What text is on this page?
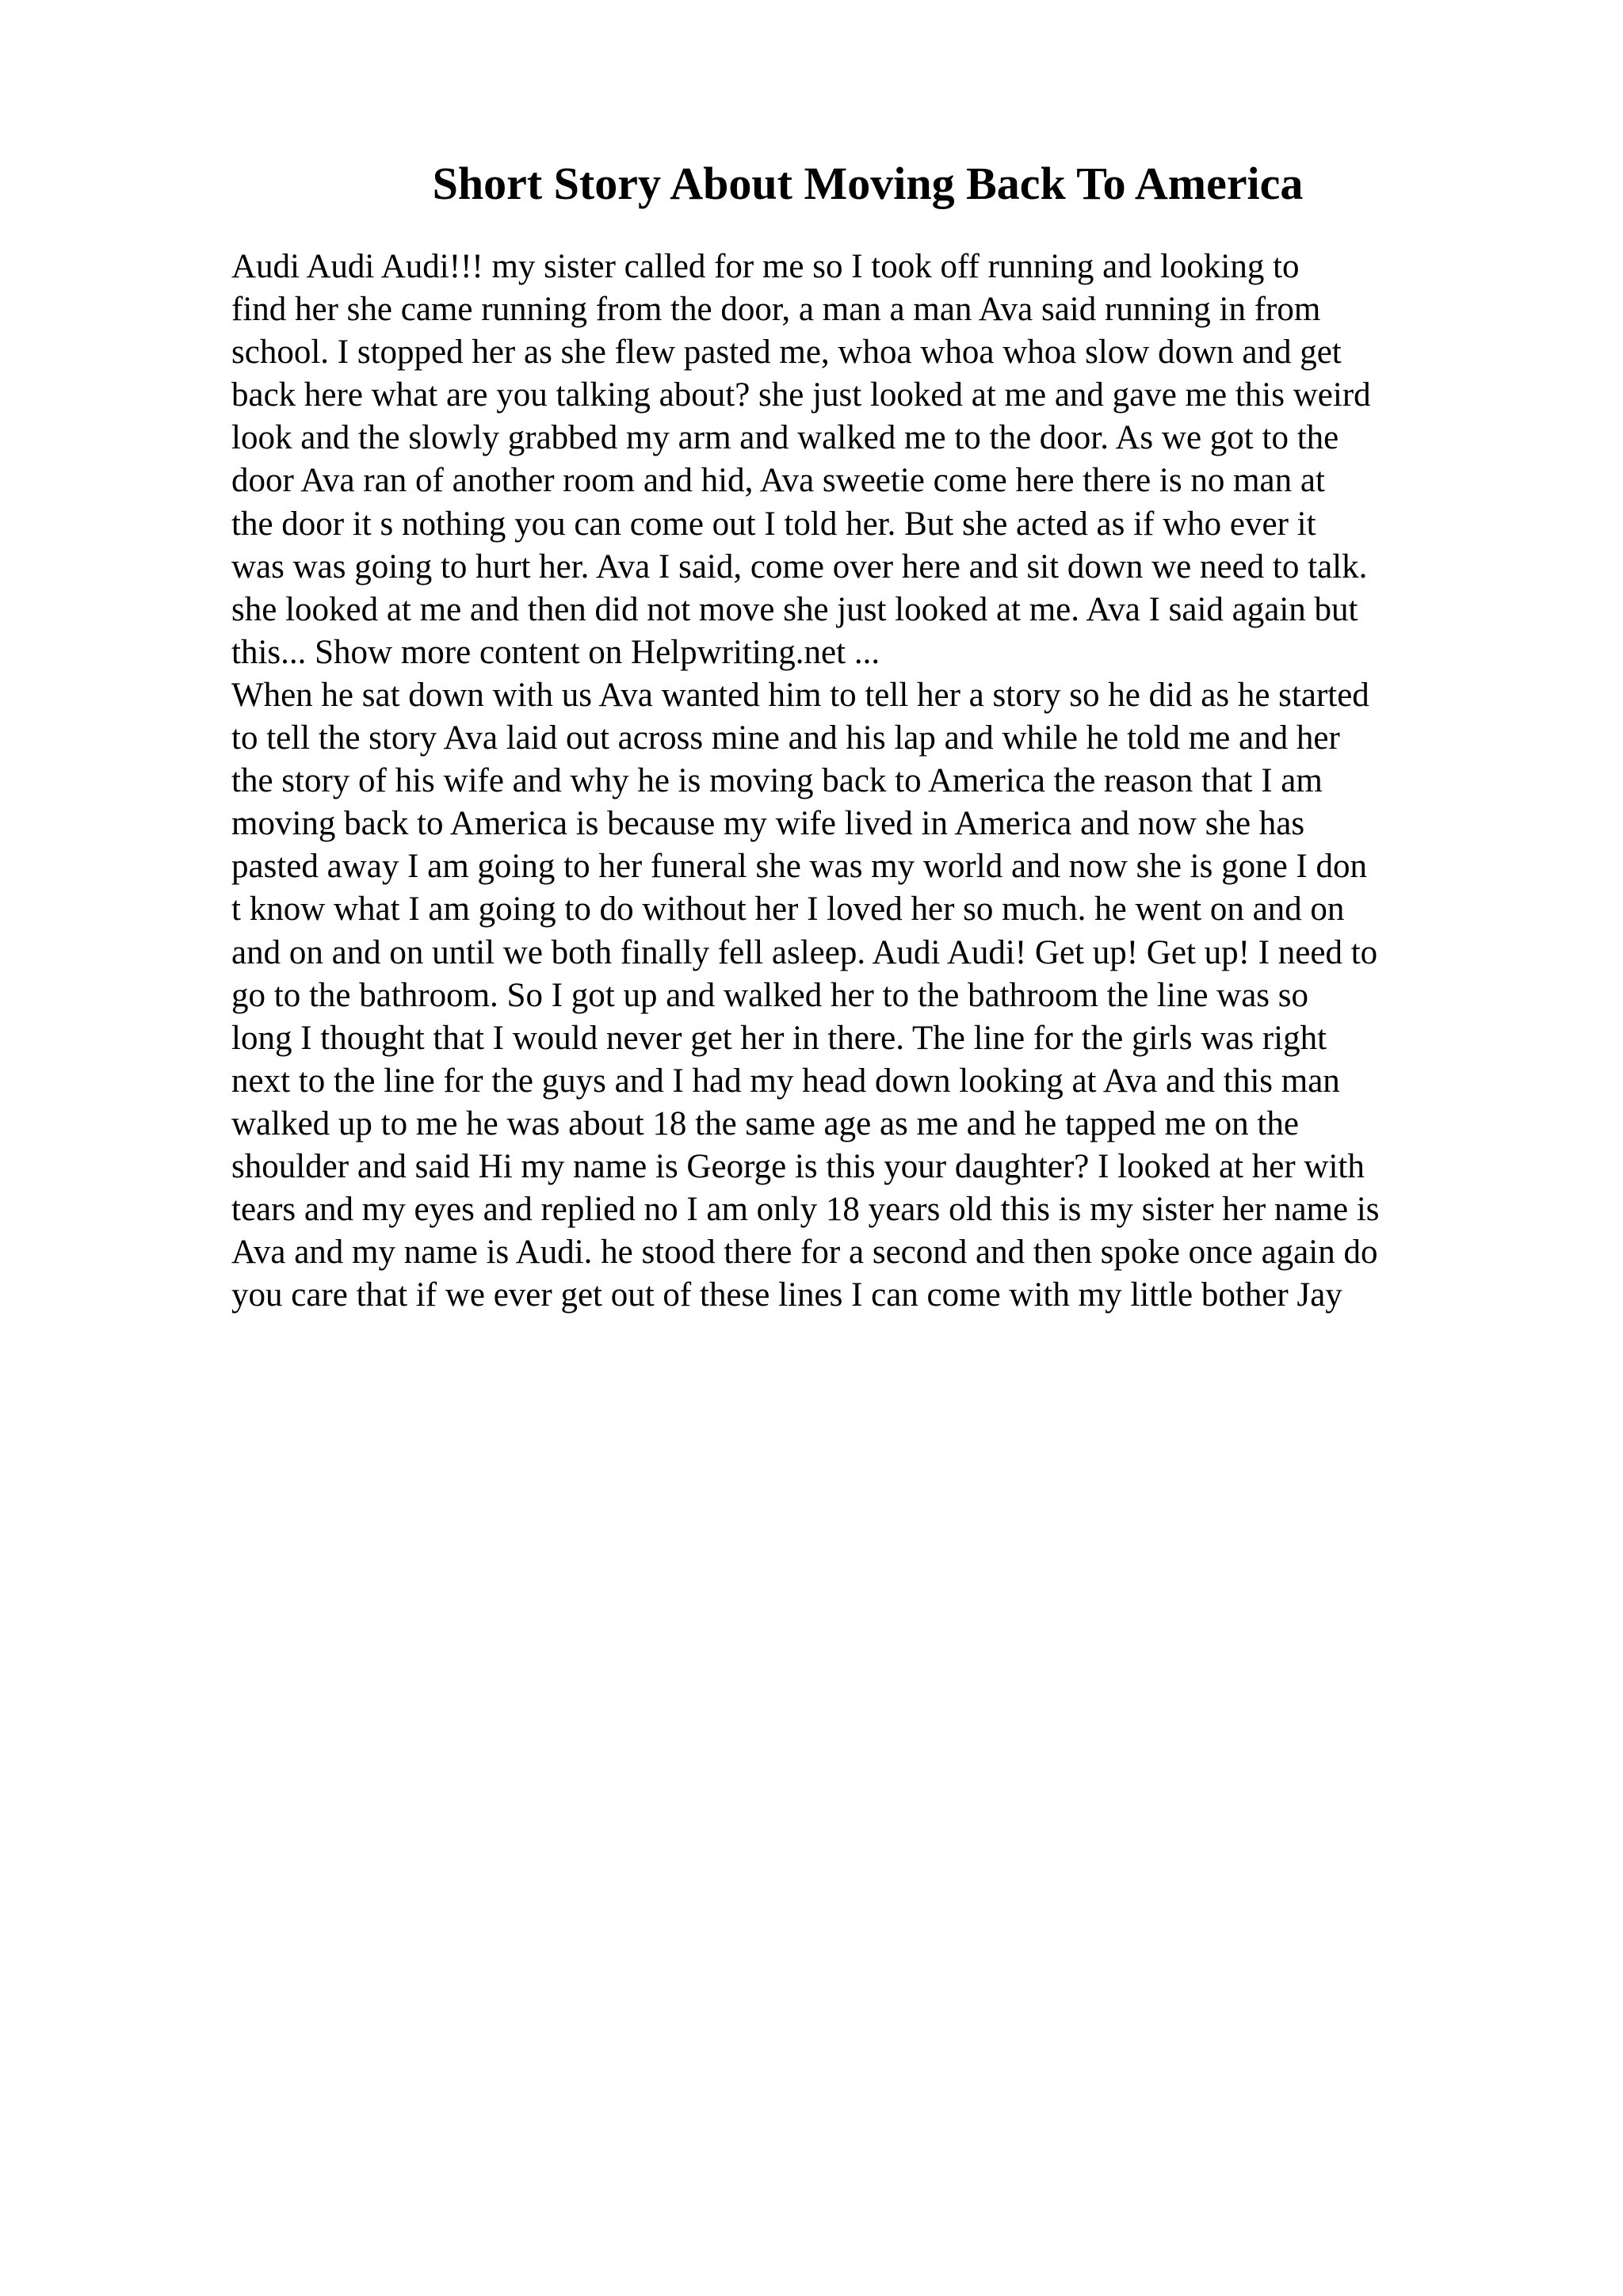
Short Story About Moving Back To America
Audi Audi Audi!!! my sister called for me so I took off running and looking to
find her she came running from the door, a man a man Ava said running in from
school. I stopped her as she flew pasted me, whoa whoa whoa slow down and get
back here what are you talking about? she just looked at me and gave me this weird
look and the slowly grabbed my arm and walked me to the door. As we got to the
door Ava ran of another room and hid, Ava sweetie come here there is no man at
the door it s nothing you can come out I told her. But she acted as if who ever it
was was going to hurt her. Ava I said, come over here and sit down we need to talk.
she looked at me and then did not move she just looked at me. Ava I said again but
this... Show more content on Helpwriting.net ...
When he sat down with us Ava wanted him to tell her a story so he did as he started
to tell the story Ava laid out across mine and his lap and while he told me and her
the story of his wife and why he is moving back to America the reason that I am
moving back to America is because my wife lived in America and now she has
pasted away I am going to her funeral she was my world and now she is gone I don
t know what I am going to do without her I loved her so much. he went on and on
and on and on until we both finally fell asleep. Audi Audi! Get up! Get up! I need to
go to the bathroom. So I got up and walked her to the bathroom the line was so
long I thought that I would never get her in there. The line for the girls was right
next to the line for the guys and I had my head down looking at Ava and this man
walked up to me he was about 18 the same age as me and he tapped me on the
shoulder and said Hi my name is George is this your daughter? I looked at her with
tears and my eyes and replied no I am only 18 years old this is my sister her name is
Ava and my name is Audi. he stood there for a second and then spoke once again do
you care that if we ever get out of these lines I can come with my little bother Jay
